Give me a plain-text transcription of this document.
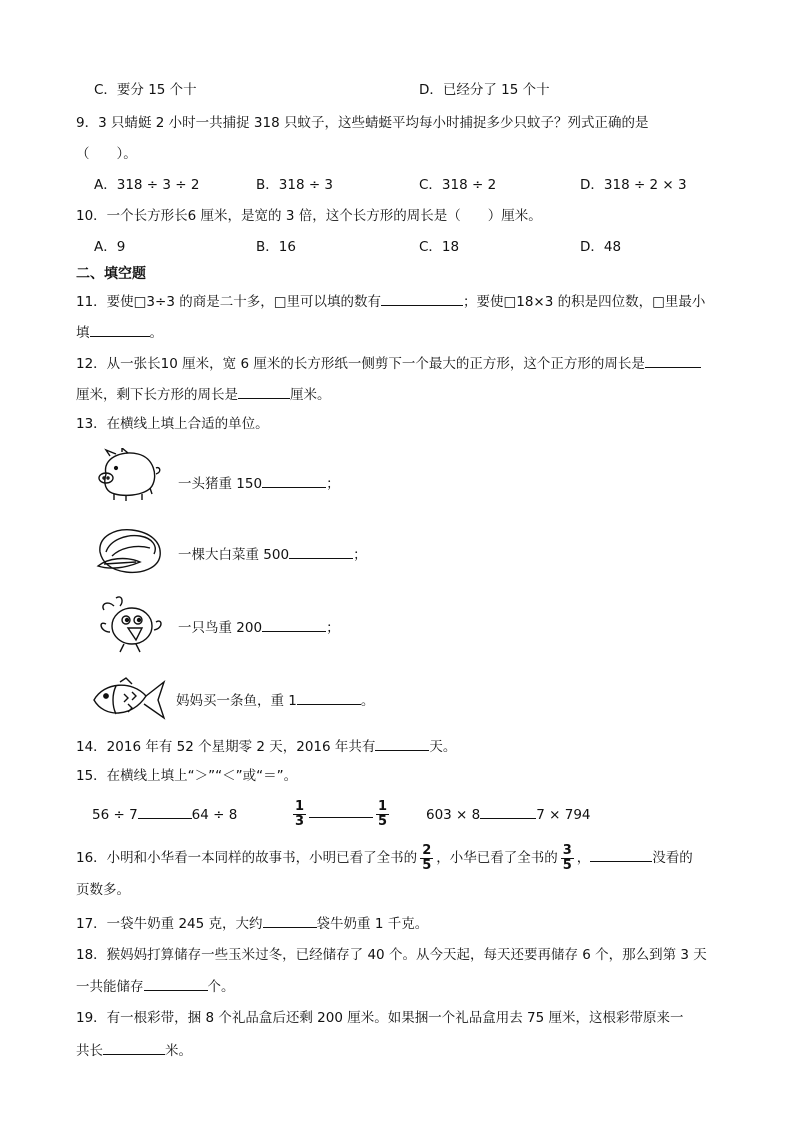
C．要分 15 个十	D．已经分了 15 个十
9．3 只蜻蜓 2 小时一共捕捉 318 只蚊子，这些蜻蜓平均每小时捕捉多少只蚊子？列式正确的是
（　　）。
A．318 ÷ 3 ÷ 2	B．318 ÷ 3	C．318 ÷ 2	D．318 ÷ 2 × 3
10．一个长方形长6 厘米，是宽的 3 倍，这个长方形的周长是（　　）厘米。
A．9	B．16	C．18	D．48
二、填空题
11．要使□3÷3 的商是二十多，□里可以填的数有	；要使□18×3 的积是四位数，□里最小
填	。
12．从一张长10 厘米，宽 6 厘米的长方形纸一侧剪下一个最大的正方形，这个正方形的周长是
厘米，剩下长方形的周长是	厘米。
13．在横线上填上合适的单位。
一头猪重 150	；
一棵大白菜重 500	；
一只鸟重 200	；
妈妈买一条鱼，重 1	。
14．2016 年有 52 个星期零 2 天，2016 年共有	天。
15．在横线上填上“＞”“＜”或“＝”。
56 ÷ 7	64 ÷ 8	$\frac{1}{3}$	$\frac{1}{5}$	603 × 8	7 × 794
16．小明和小华看一本同样的故事书，小明已看了全书的 $\frac{2}{5}$ ，小华已看了全书的 $\frac{3}{5}$ ，	没看的
页数多。
17．一袋牛奶重 245 克，大约	袋牛奶重 1 千克。
18．猴妈妈打算储存一些玉米过冬，已经储存了 40 个。从今天起，每天还要再储存 6 个，那么到第 3 天
一共能储存	个。
19．有一根彩带，捆 8 个礼品盒后还剩 200 厘米。如果捆一个礼品盒用去 75 厘米，这根彩带原来一
共长	米。
